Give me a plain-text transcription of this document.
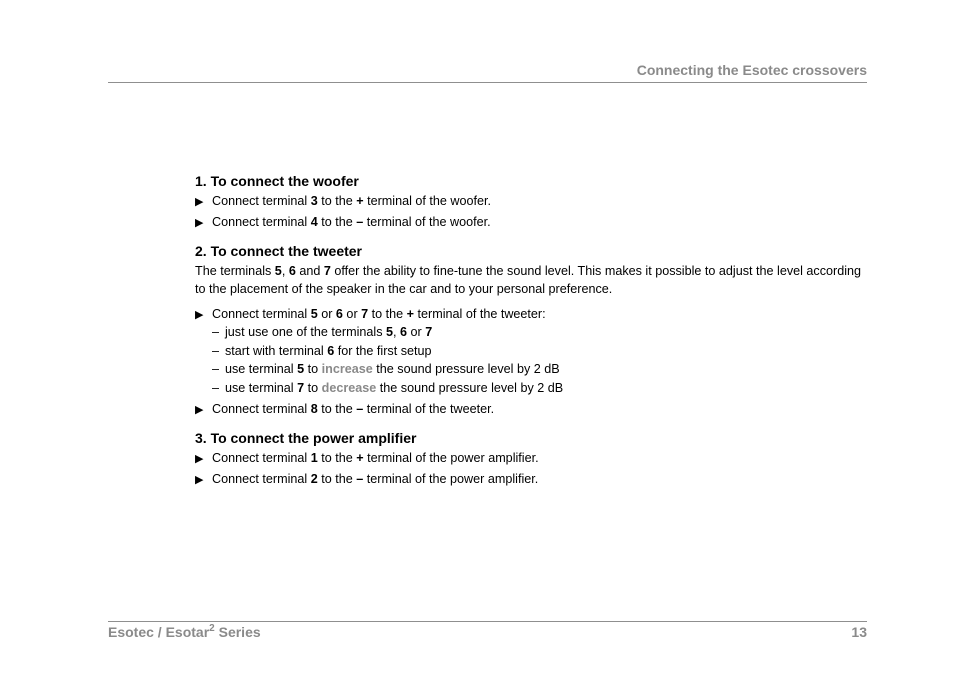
Connecting the Esotec crossovers
1. To connect the woofer
▶ Connect terminal 3 to the + terminal of the woofer.
▶ Connect terminal 4 to the – terminal of the woofer.
2. To connect the tweeter

The terminals 5, 6 and 7 offer the ability to fine-tune the sound level. This makes it possible to adjust the level according to the placement of the speaker in the car and to your personal preference.

▶ Connect terminal 5 or 6 or 7 to the + terminal of the tweeter:
– just use one of the terminals 5, 6 or 7
– start with terminal 6 for the first setup
– use terminal 5 to increase the sound pressure level by 2 dB
– use terminal 7 to decrease the sound pressure level by 2 dB
▶ Connect terminal 8 to the – terminal of the tweeter.
3. To connect the power amplifier
▶ Connect terminal 1 to the + terminal of the power amplifier.
▶ Connect terminal 2 to the – terminal of the power amplifier.
Esotec / Esotar$^2$ Series	13
